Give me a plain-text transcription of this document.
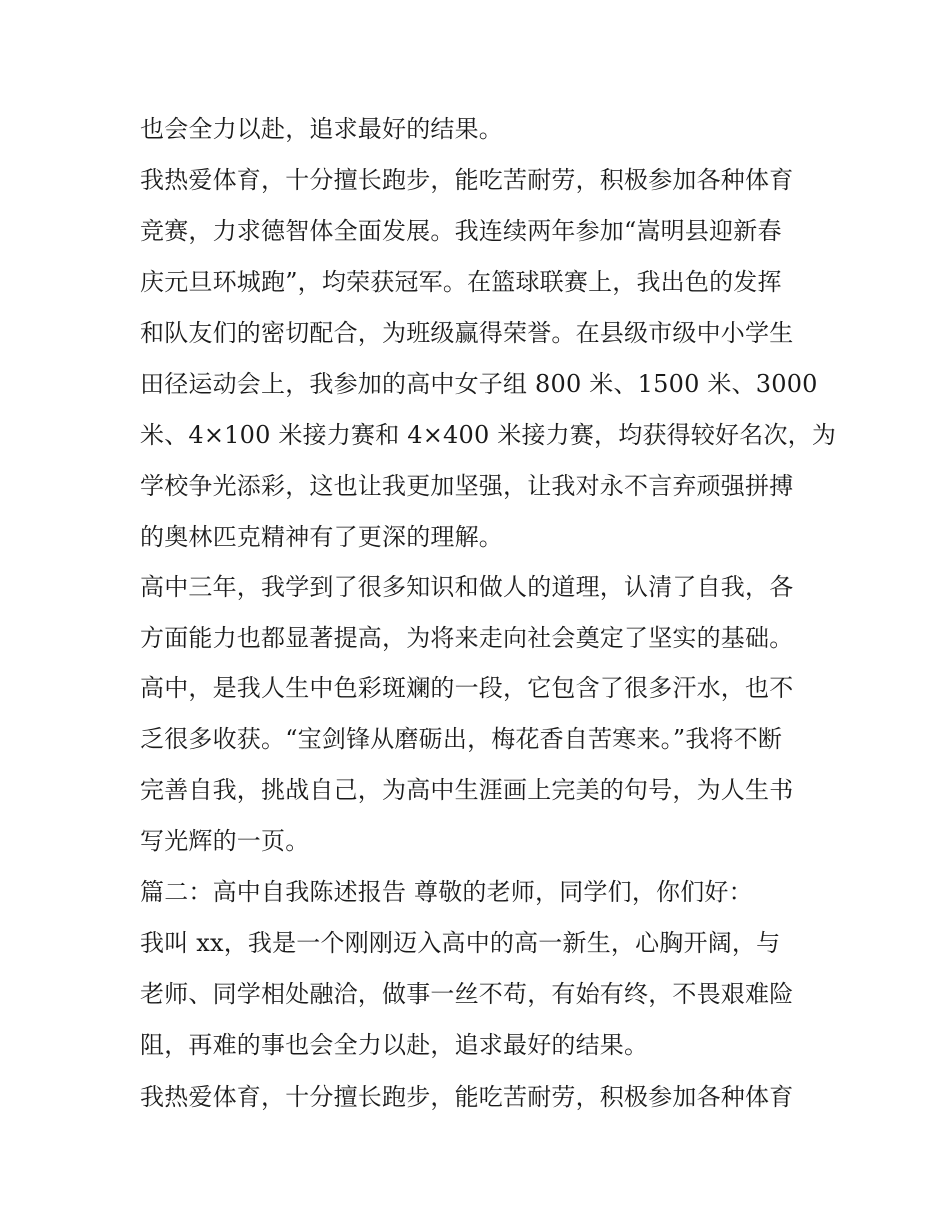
也会全力以赴，追求最好的结果。

我热爱体育，十分擅长跑步，能吃苦耐劳，积极参加各种体育

竞赛，力求德智体全面发展。我连续两年参加“嵩明县迎新春

庆元旦环城跑”，均荣获冠军。在篮球联赛上，我出色的发挥

和队友们的密切配合，为班级赢得荣誉。在县级市级中小学生

田径运动会上，我参加的高中女子组 800 米、1500 米、3000

米、4×100 米接力赛和 4×400 米接力赛，均获得较好名次，为

学校争光添彩，这也让我更加坚强，让我对永不言弃顽强拼搏

的奥林匹克精神有了更深的理解。

高中三年，我学到了很多知识和做人的道理，认清了自我，各

方面能力也都显著提高，为将来走向社会奠定了坚实的基础。

高中，是我人生中色彩斑斓的一段，它包含了很多汗水，也不

乏很多收获。“宝剑锋从磨砺出，梅花香自苦寒来。”我将不断

完善自我，挑战自己，为高中生涯画上完美的句号，为人生书

写光辉的一页。

篇二：高中自我陈述报告 尊敬的老师，同学们，你们好：

我叫 xx，我是一个刚刚迈入高中的高一新生，心胸开阔，与

老师、同学相处融洽，做事一丝不苟，有始有终，不畏艰难险

阻，再难的事也会全力以赴，追求最好的结果。

我热爱体育，十分擅长跑步，能吃苦耐劳，积极参加各种体育
